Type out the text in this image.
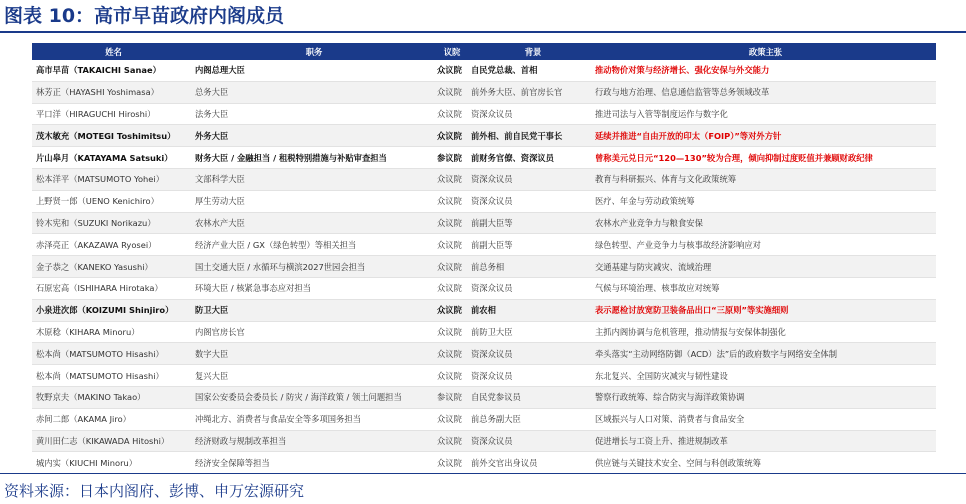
图表 10：高市早苗政府内阁成员
姓名	职务	议院	背景	政策主张
高市早苗（TAKAICHI Sanae）	内阁总理大臣	众议院	自民党总裁、首相	推动物价对策与经济增长、强化安保与外交能力
林芳正（HAYASHI Yoshimasa）	总务大臣	众议院	前外务大臣、前官房长官	行政与地方治理、信息通信监管等总务领域改革
平口洋（HIRAGUCHI Hiroshi）	法务大臣	众议院	资深众议员	推进司法与入管等制度运作与数字化
茂木敏充（MOTEGI Toshimitsu）	外务大臣	众议院	前外相、前自民党干事长	延续并推进“自由开放的印太（FOIP）”等对外方针
片山皋月（KATAYAMA Satsuki）	财务大臣 / 金融担当 / 租税特别措施与补贴审查担当	参议院	前财务官僚、资深议员	曾称美元兑日元“120—130”较为合理，倾向抑制过度贬值并兼顾财政纪律
松本洋平（MATSUMOTO Yohei）	文部科学大臣	众议院	资深众议员	教育与科研振兴、体育与文化政策统筹
上野贤一郎（UENO Kenichiro）	厚生劳动大臣	众议院	资深众议员	医疗、年金与劳动政策统筹
铃木宪和（SUZUKI Norikazu）	农林水产大臣	众议院	前副大臣等	农林水产业竞争力与粮食安保
赤泽亮正（AKAZAWA Ryosei）	经济产业大臣 / GX（绿色转型）等相关担当	众议院	前副大臣等	绿色转型、产业竞争力与核事故经济影响应对
金子恭之（KANEKO Yasushi）	国土交通大臣 / 水循环与横滨2027世园会担当	众议院	前总务相	交通基建与防灾减灾、流域治理
石原宏高（ISHIHARA Hirotaka）	环境大臣 / 核紧急事态应对担当	众议院	资深众议员	气候与环境治理、核事故应对统筹
小泉进次郎（KOIZUMI Shinjiro）	防卫大臣	众议院	前农相	表示愿检讨放宽防卫装备品出口“三原则”等实施细则
木原稔（KIHARA Minoru）	内阁官房长官	众议院	前防卫大臣	主抓内阁协调与危机管理，推动情报与安保体制强化
松本尚（MATSUMOTO Hisashi）	数字大臣	众议院	资深众议员	牵头落实“主动网络防御（ACD）法”后的政府数字与网络安全体制
松本尚（MATSUMOTO Hisashi）	复兴大臣	众议院	资深众议员	东北复兴、全国防灾减灾与韧性建设
牧野京夫（MAKINO Takao）	国家公安委员会委员长 / 防灾 / 海洋政策 / 领土问题担当	参议院	自民党参议员	警察行政统筹、综合防灾与海洋政策协调
赤间二郎（AKAMA Jiro）	冲绳北方、消费者与食品安全等多项国务担当	众议院	前总务副大臣	区域振兴与人口对策、消费者与食品安全
黄川田仁志（KIKAWADA Hitoshi）	经济财政与规制改革担当	众议院	资深众议员	促进增长与工资上升、推进规制改革
城内实（KIUCHI Minoru）	经济安全保障等担当	众议院	前外交官出身议员	供应链与关键技术安全、空间与科创政策统筹
资料来源：日本内阁府、彭博、申万宏源研究
